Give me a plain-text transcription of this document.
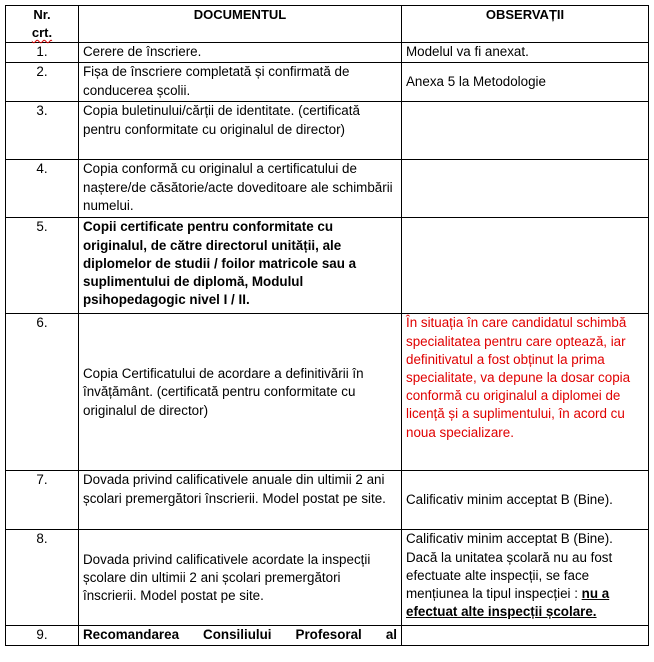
Nr.
crt.	DOCUMENTUL	OBSERVAȚII
1.	Cerere de înscriere.	Modelul va fi anexat.
2.	Fișa de înscriere completată și confirmată de conducerea școlii.	Anexa 5 la Metodologie
3.	Copia buletinului/cărții de identitate. (certificată pentru conformitate cu originalul de director)	
4.	Copia conformă cu originalul a certificatului de naștere/de căsătorie/acte doveditoare ale schimbării numelui.	
5.	Copii certificate pentru conformitate cu originalul, de către directorul unității, ale diplomelor de studii / foilor matricole sau a suplimentului de diplomă, Modulul psihopedagogic nivel I / II.	
6.	Copia Certificatului de acordare a definitivării în învățământ. (certificată pentru conformitate cu originalul de director)	În situația în care candidatul schimbă specialitatea pentru care optează, iar definitivatul a fost obținut la prima specialitate, va depune la dosar copia conformă cu originalul a diplomei de licență și a suplimentului, în acord cu noua specializare.
7.	Dovada privind calificativele anuale din ultimii 2 ani școlari premergători înscrierii. Model postat pe site.	Calificativ minim acceptat B (Bine).
8.	Dovada privind calificativele acordate la inspecții școlare din ultimii 2 ani școlari premergători înscrierii. Model postat pe site.	Calificativ minim acceptat B (Bine). Dacă la unitatea școlară nu au fost efectuate alte inspecții, se face mențiunea la tipul inspecției : nu a efectuat alte inspecții școlare.
9.	Recomandarea Consiliului Profesoral al	
